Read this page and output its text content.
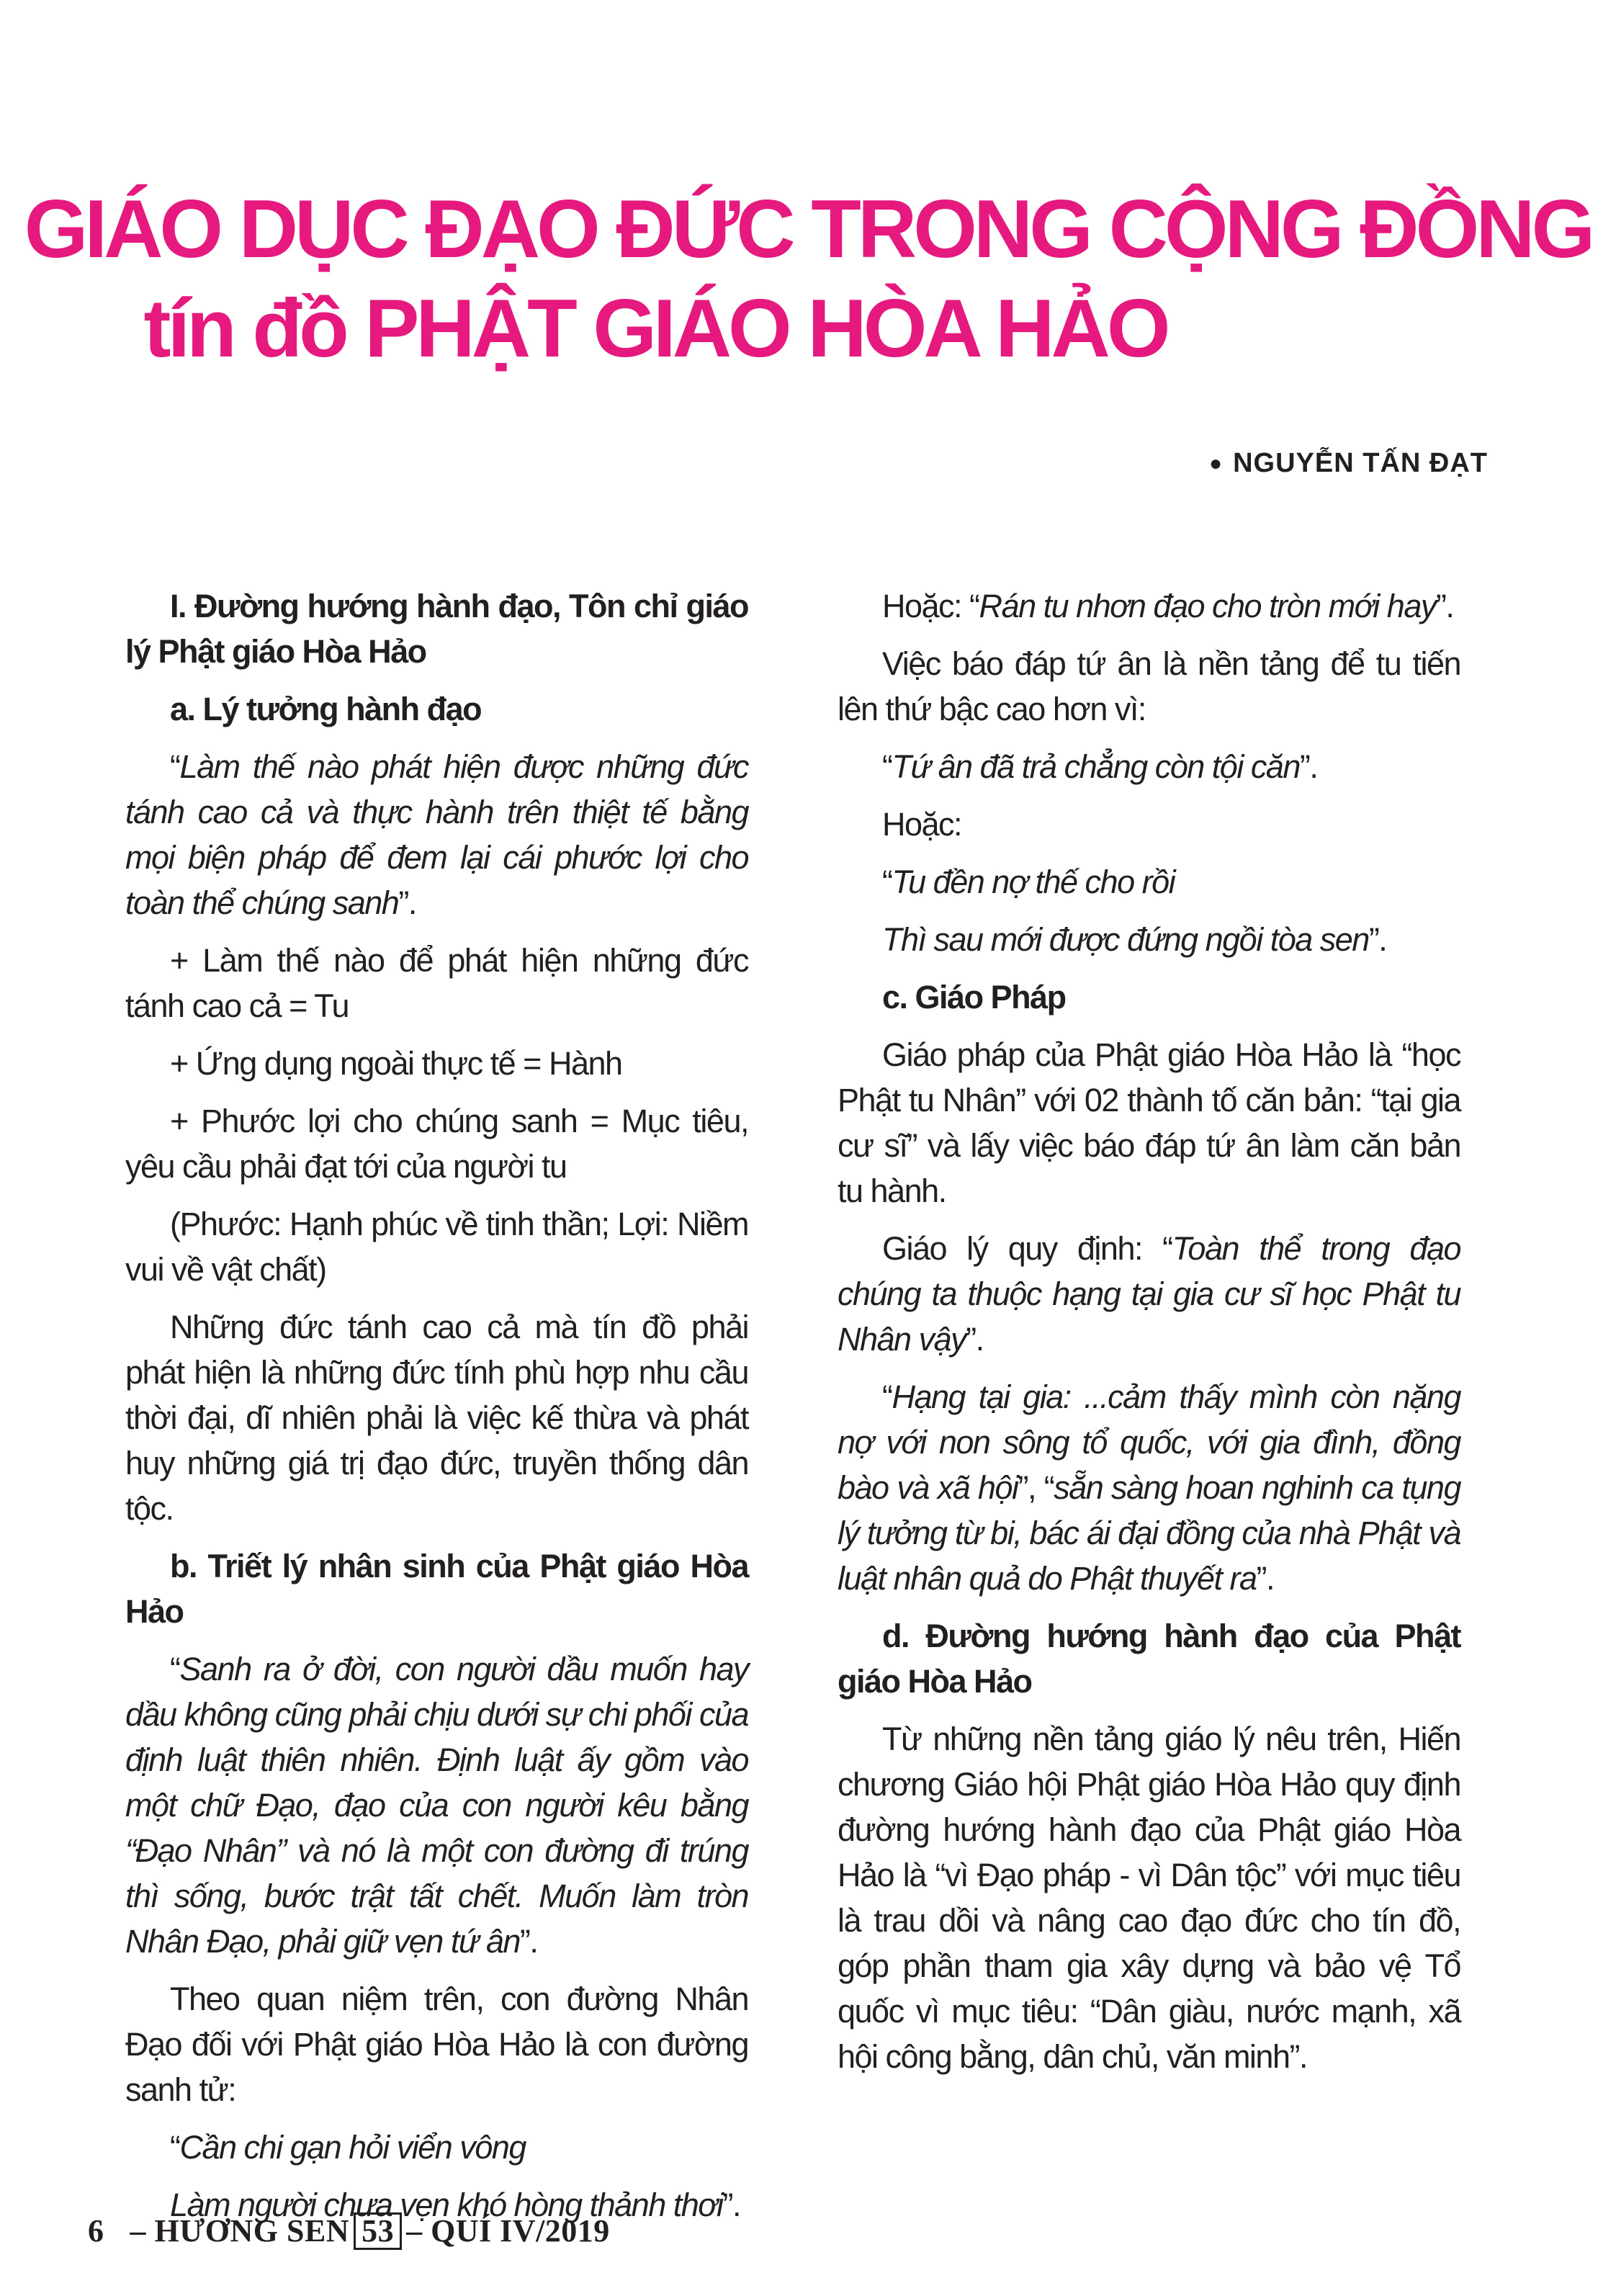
GIÁO DỤC ĐẠO ĐỨC TRONG CỘNG ĐỒNG
tín đồ PHẬT GIÁO HÒA HẢO
● NGUYỄN TẤN ĐẠT

I. Đường hướng hành đạo, Tôn chỉ giáo lý Phật giáo Hòa Hảo

a. Lý tưởng hành đạo

“Làm thế nào phát hiện được những đức tánh cao cả và thực hành trên thiệt tế bằng mọi biện pháp để đem lại cái phước lợi cho toàn thể chúng sanh”.

+ Làm thế nào để phát hiện những đức tánh cao cả = Tu

+ Ứng dụng ngoài thực tế = Hành

+ Phước lợi cho chúng sanh = Mục tiêu, yêu cầu phải đạt tới của người tu

(Phước: Hạnh phúc về tinh thần; Lợi: Niềm vui về vật chất)

Những đức tánh cao cả mà tín đồ phải phát hiện là những đức tính phù hợp nhu cầu thời đại, dĩ nhiên phải là việc kế thừa và phát huy những giá trị đạo đức, truyền thống dân tộc.

b. Triết lý nhân sinh của Phật giáo Hòa Hảo

“Sanh ra ở đời, con người dầu muốn hay dầu không cũng phải chịu dưới sự chi phối của định luật thiên nhiên. Định luật ấy gồm vào một chữ Đạo, đạo của con người kêu bằng “Đạo Nhân” và nó là một con đường đi trúng thì sống, bước trật tất chết. Muốn làm tròn Nhân Đạo, phải giữ vẹn tứ ân”.

Theo quan niệm trên, con đường Nhân Đạo đối với Phật giáo Hòa Hảo là con đường sanh tử:

“Cần chi gạn hỏi viển vông

Làm người chưa vẹn khó hòng thảnh thơi”.

Hoặc: “Rán tu nhơn đạo cho tròn mới hay”.

Việc báo đáp tứ ân là nền tảng để tu tiến lên thứ bậc cao hơn vì:

“Tứ ân đã trả chẳng còn tội căn”.

Hoặc:

“Tu đền nợ thế cho rồi

Thì sau mới được đứng ngồi tòa sen”.

c. Giáo Pháp

Giáo pháp của Phật giáo Hòa Hảo là “học Phật tu Nhân” với 02 thành tố căn bản: “tại gia cư sĩ” và lấy việc báo đáp tứ ân làm căn bản tu hành.

Giáo lý quy định: “Toàn thể trong đạo chúng ta thuộc hạng tại gia cư sĩ học Phật tu Nhân vậy”.

“Hạng tại gia: ...cảm thấy mình còn nặng nợ với non sông tổ quốc, với gia đình, đồng bào và xã hội”, “sẵn sàng hoan nghinh ca tụng lý tưởng từ bi, bác ái đại đồng của nhà Phật và luật nhân quả do Phật thuyết ra”.

d. Đường hướng hành đạo của Phật giáo Hòa Hảo

Từ những nền tảng giáo lý nêu trên, Hiến chương Giáo hội Phật giáo Hòa Hảo quy định đường hướng hành đạo của Phật giáo Hòa Hảo là “vì Đạo pháp - vì Dân tộc” với mục tiêu là trau dồi và nâng cao đạo đức cho tín đồ, góp phần tham gia xây dựng và bảo vệ Tổ quốc vì mục tiêu: “Dân giàu, nước mạnh, xã hội công bằng, dân chủ, văn minh”.

6 – HƯƠNG SEN 53 – QUÍ IV/2019
